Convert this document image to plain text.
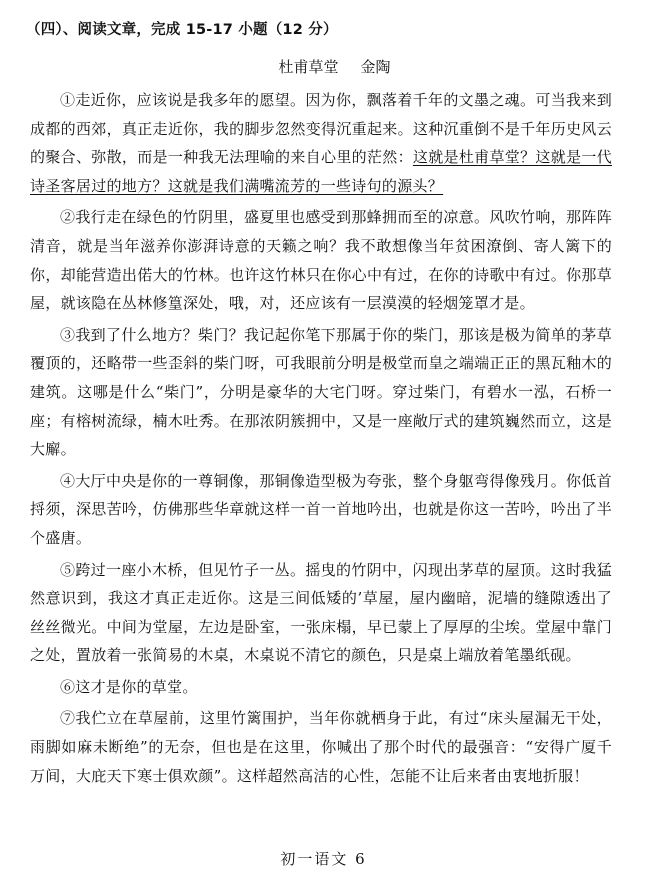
（四）、阅读文章，完成 15-17 小题（12 分）
杜甫草堂 金陶

①走近你，应该说是我多年的愿望。因为你，飘落着千年的文墨之魂。可当我来到成都的西郊，真正走近你，我的脚步忽然变得沉重起来。这种沉重倒不是千年历史风云的聚合、弥散，而是一种我无法理喻的来自心里的茫然：这就是杜甫草堂？这就是一代诗圣客居过的地方？这就是我们满嘴流芳的一些诗句的源头？

②我行走在绿色的竹阴里，盛夏里也感受到那蜂拥而至的凉意。风吹竹响，那阵阵清音，就是当年滋养你澎湃诗意的天籁之响？我不敢想像当年贫困潦倒、寄人篱下的你，却能营造出偌大的竹林。也许这竹林只在你心中有过，在你的诗歌中有过。你那草屋，就该隐在丛林修篁深处，哦，对，还应该有一层漠漠的轻烟笼罩才是。

③我到了什么地方？柴门？我记起你笔下那属于你的柴门，那该是极为简单的茅草覆顶的，还略带一些歪斜的柴门呀，可我眼前分明是极堂而皇之端端正正的黑瓦釉木的建筑。这哪是什么“柴门”，分明是豪华的大宅门呀。穿过柴门，有碧水一泓，石桥一座；有榕树流绿，楠木吐秀。在那浓阴簇拥中，又是一座敞厅式的建筑巍然而立，这是大廨。

④大厅中央是你的一尊铜像，那铜像造型极为夸张，整个身躯弯得像残月。你低首捋须，深思苦吟，仿佛那些华章就这样一首一首地吟出，也就是你这一苦吟，吟出了半个盛唐。

⑤跨过一座小木桥，但见竹子一丛。摇曳的竹阴中，闪现出茅草的屋顶。这时我猛然意识到，我这才真正走近你。这是三间低矮的’草屋，屋内幽暗，泥墙的缝隙透出了丝丝微光。中间为堂屋，左边是卧室，一张床榻，早已蒙上了厚厚的尘埃。堂屋中靠门之处，置放着一张简易的木桌，木桌说不清它的颜色，只是桌上端放着笔墨纸砚。

⑥这才是你的草堂。

⑦我伫立在草屋前，这里竹篱围护，当年你就栖身于此，有过“床头屋漏无干处，雨脚如麻未断绝”的无奈，但也是在这里，你喊出了那个时代的最强音：“安得广厦千万间，大庇天下寒士俱欢颜”。这样超然高洁的心性，怎能不让后来者由衷地折服！

初一语文 6
